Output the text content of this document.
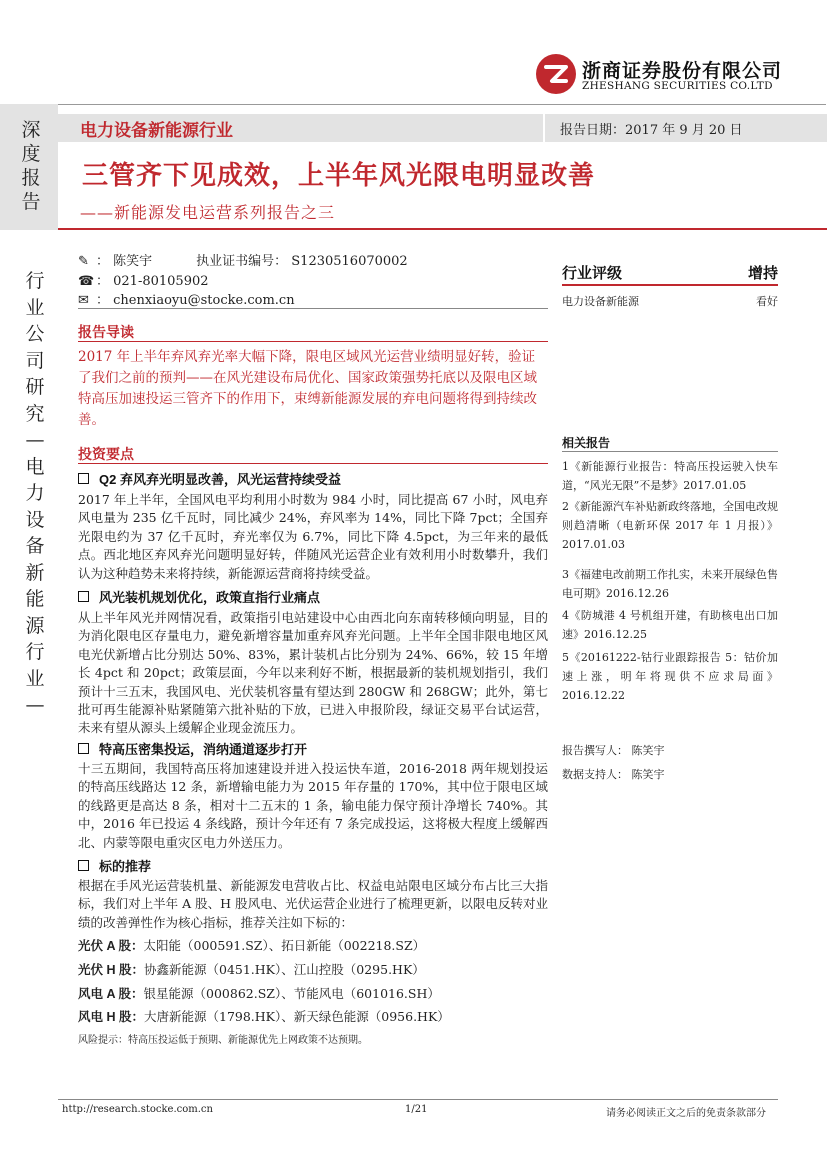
浙商证券股份有限公司
ZHESHANG SECURITIES CO.LTD
深度报告
电力设备新能源行业	报告日期：2017 年 9 月 20 日
三管齐下见成效，上半年风光限电明显改善
——新能源发电运营系列报告之三
行业公司研究—电力设备新能源行业—
✎ ： 陈笑宇	执业证书编号： S1230516070002
☎ ： 021-80105902
✉ ： chenxiaoyu@stocke.com.cn
报告导读
2017 年上半年弃风弃光率大幅下降，限电区域风光运营业绩明显好转，验证了我们之前的预判——在风光建设布局优化、国家政策强势托底以及限电区域特高压加速投运三管齐下的作用下，束缚新能源发展的弃电问题将得到持续改善。
投资要点
Q2 弃风弃光明显改善，风光运营持续受益
2017 年上半年，全国风电平均利用小时数为 984 小时，同比提高 67 小时，风电弃风电量为 235 亿千瓦时，同比减少 24%，弃风率为 14%，同比下降 7pct；全国弃光限电约为 37 亿千瓦时，弃光率仅为 6.7%，同比下降 4.5pct，为三年来的最低点。西北地区弃风弃光问题明显好转，伴随风光运营企业有效利用小时数攀升，我们认为这种趋势未来将持续，新能源运营商将持续受益。
风光装机规划优化，政策直指行业痛点
从上半年风光并网情况看，政策指引电站建设中心由西北向东南转移倾向明显，目的为消化限电区存量电力，避免新增容量加重弃风弃光问题。上半年全国非限电地区风电光伏新增占比分别达 50%、83%，累计装机占比分别为 24%、66%，较 15 年增长 4pct 和 20pct；政策层面，今年以来利好不断，根据最新的装机规划指引，我们预计十三五末，我国风电、光伏装机容量有望达到 280GW 和 268GW；此外，第七批可再生能源补贴紧随第六批补贴的下放，已进入申报阶段，绿证交易平台试运营，未来有望从源头上缓解企业现金流压力。
特高压密集投运，消纳通道逐步打开
十三五期间，我国特高压将加速建设并进入投运快车道，2016-2018 两年规划投运的特高压线路达 12 条，新增输电能力为 2015 年存量的 170%，其中位于限电区域的线路更是高达 8 条，相对十二五末的 1 条，输电能力保守预计净增长 740%。其中，2016 年已投运 4 条线路，预计今年还有 7 条完成投运，这将极大程度上缓解西北、内蒙等限电重灾区电力外送压力。
标的推荐
根据在手风光运营装机量、新能源发电营收占比、权益电站限电区域分布占比三大指标，我们对上半年 A 股、H 股风电、光伏运营企业进行了梳理更新，以限电反转对业绩的改善弹性作为核心指标，推荐关注如下标的：
光伏 A 股：太阳能（000591.SZ）、拓日新能（002218.SZ）
光伏 H 股：协鑫新能源（0451.HK）、江山控股（0295.HK）
风电 A 股：银星能源（000862.SZ）、节能风电（601016.SH）
风电 H 股：大唐新能源（1798.HK）、新天绿色能源（0956.HK）
风险提示：特高压投运低于预期、新能源优先上网政策不达预期。
行业评级	增持
电力设备新能源	看好
相关报告
1《新能源行业报告：特高压投运驶入快车道，“风光无限”不是梦》2017.01.05
2《新能源汽车补贴新政终落地，全国电改规则趋清晰（电新环保 2017 年 1 月报）》2017.01.03
3《福建电改前期工作扎实，未来开展绿色售电可期》2016.12.26
4《防城港 4 号机组开建，有助核电出口加速》2016.12.25
5《20161222-钴行业跟踪报告 5：钴价加速上涨，明年将现供不应求局面》2016.12.22
报告撰写人： 陈笑宇
数据支持人： 陈笑宇
http://research.stocke.com.cn	1/21	请务必阅读正文之后的免责条款部分
